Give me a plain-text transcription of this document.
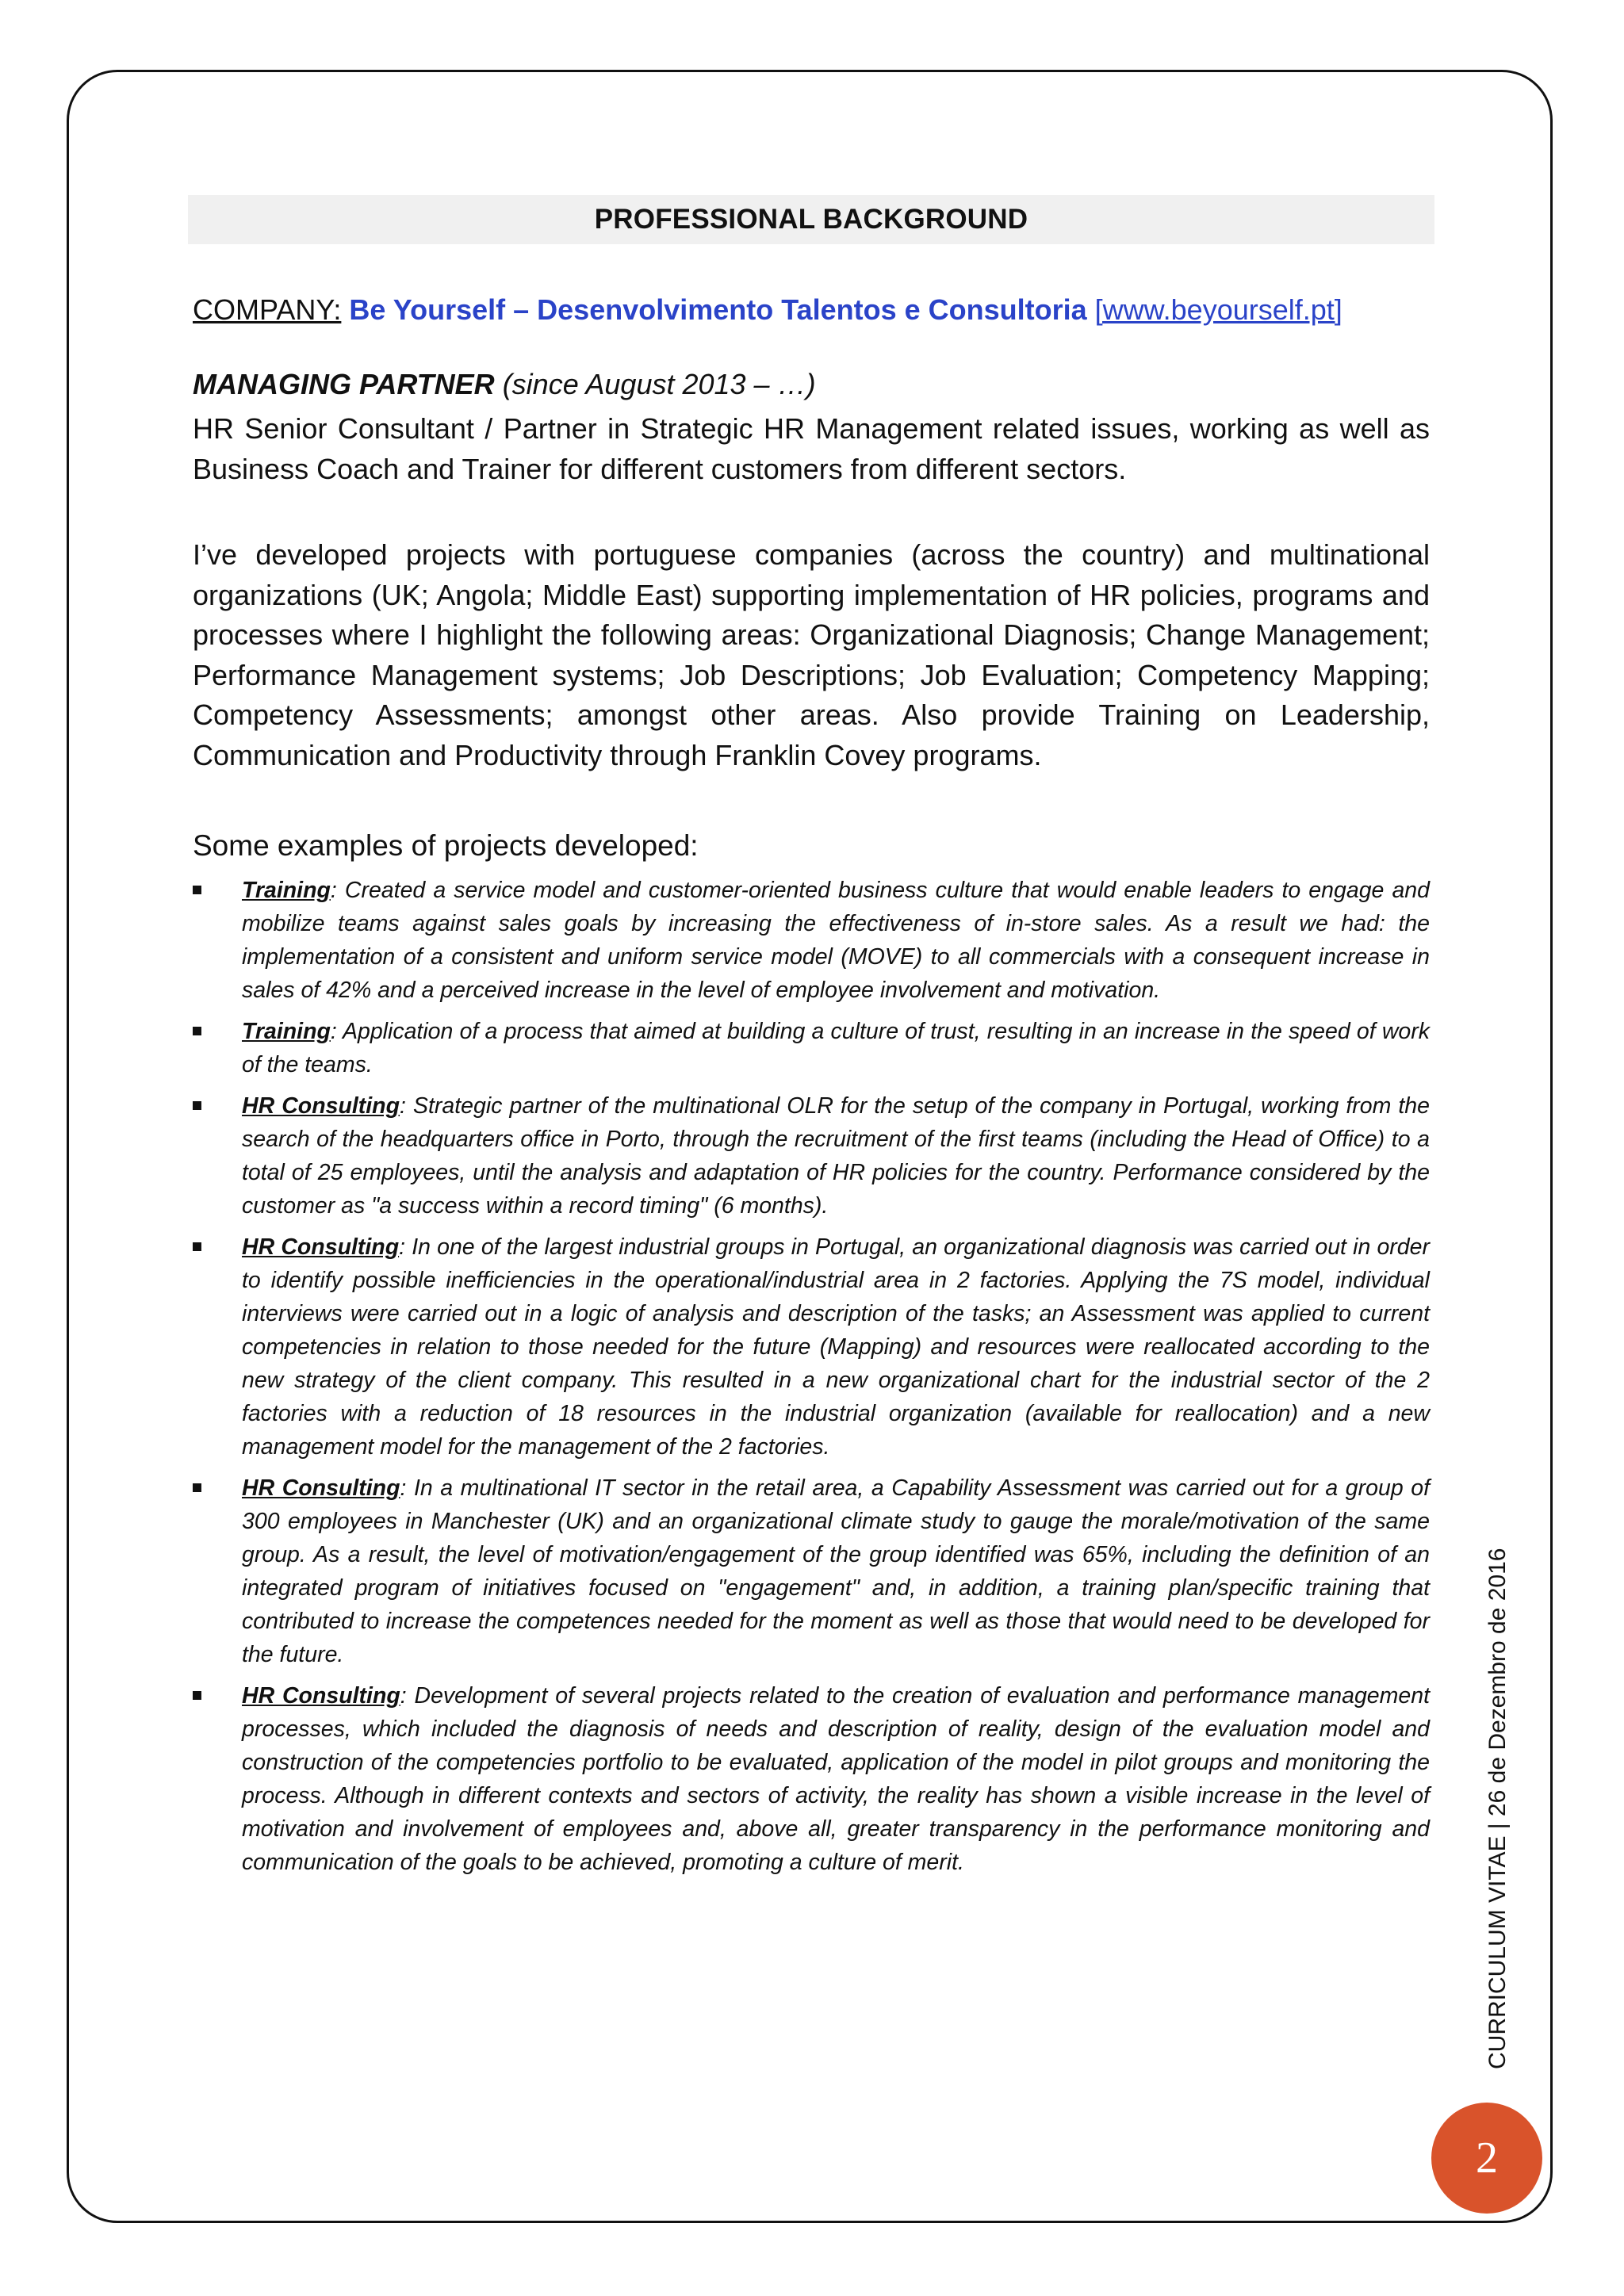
PROFESSIONAL BACKGROUND
COMPANY: Be Yourself – Desenvolvimento Talentos e Consultoria [www.beyourself.pt]
MANAGING PARTNER (since August 2013 – …)

HR Senior Consultant / Partner in Strategic HR Management related issues, working as well as Business Coach and Trainer for different customers from different sectors.

I’ve developed projects with portuguese companies (across the country) and multinational organizations (UK; Angola; Middle East) supporting implementation of HR policies, programs and processes where I highlight the following areas: Organizational Diagnosis; Change Management; Performance Management systems; Job Descriptions; Job Evaluation; Competency Mapping; Competency Assessments; amongst other areas. Also provide Training on Leadership, Communication and Productivity through Franklin Covey programs.

Some examples of projects developed:
Training: Created a service model and customer-oriented business culture that would enable leaders to engage and mobilize teams against sales goals by increasing the effectiveness of in-store sales. As a result we had: the implementation of a consistent and uniform service model (MOVE) to all commercials with a consequent increase in sales of 42% and a perceived increase in the level of employee involvement and motivation.
Training: Application of a process that aimed at building a culture of trust, resulting in an increase in the speed of work of the teams.
HR Consulting: Strategic partner of the multinational OLR for the setup of the company in Portugal, working from the search of the headquarters office in Porto, through the recruitment of the first teams (including the Head of Office) to a total of 25 employees, until the analysis and adaptation of HR policies for the country. Performance considered by the customer as "a success within a record timing" (6 months).
HR Consulting: In one of the largest industrial groups in Portugal, an organizational diagnosis was carried out in order to identify possible inefficiencies in the operational/industrial area in 2 factories. Applying the 7S model, individual interviews were carried out in a logic of analysis and description of the tasks; an Assessment was applied to current competencies in relation to those needed for the future (Mapping) and resources were reallocated according to the new strategy of the client company. This resulted in a new organizational chart for the industrial sector of the 2 factories with a reduction of 18 resources in the industrial organization (available for reallocation) and a new management model for the management of the 2 factories.
HR Consulting: In a multinational IT sector in the retail area, a Capability Assessment was carried out for a group of 300 employees in Manchester (UK) and an organizational climate study to gauge the morale/motivation of the same group. As a result, the level of motivation/engagement of the group identified was 65%, including the definition of an integrated program of initiatives focused on "engagement" and, in addition, a training plan/specific training that contributed to increase the competences needed for the moment as well as those that would need to be developed for the future.
HR Consulting: Development of several projects related to the creation of evaluation and performance management processes, which included the diagnosis of needs and description of reality, design of the evaluation model and construction of the competencies portfolio to be evaluated, application of the model in pilot groups and monitoring the process. Although in different contexts and sectors of activity, the reality has shown a visible increase in the level of motivation and involvement of employees and, above all, greater transparency in the performance monitoring and communication of the goals to be achieved, promoting a culture of merit.	CURRICULUM VITAE | 26 de Dezembro de 2016
2
